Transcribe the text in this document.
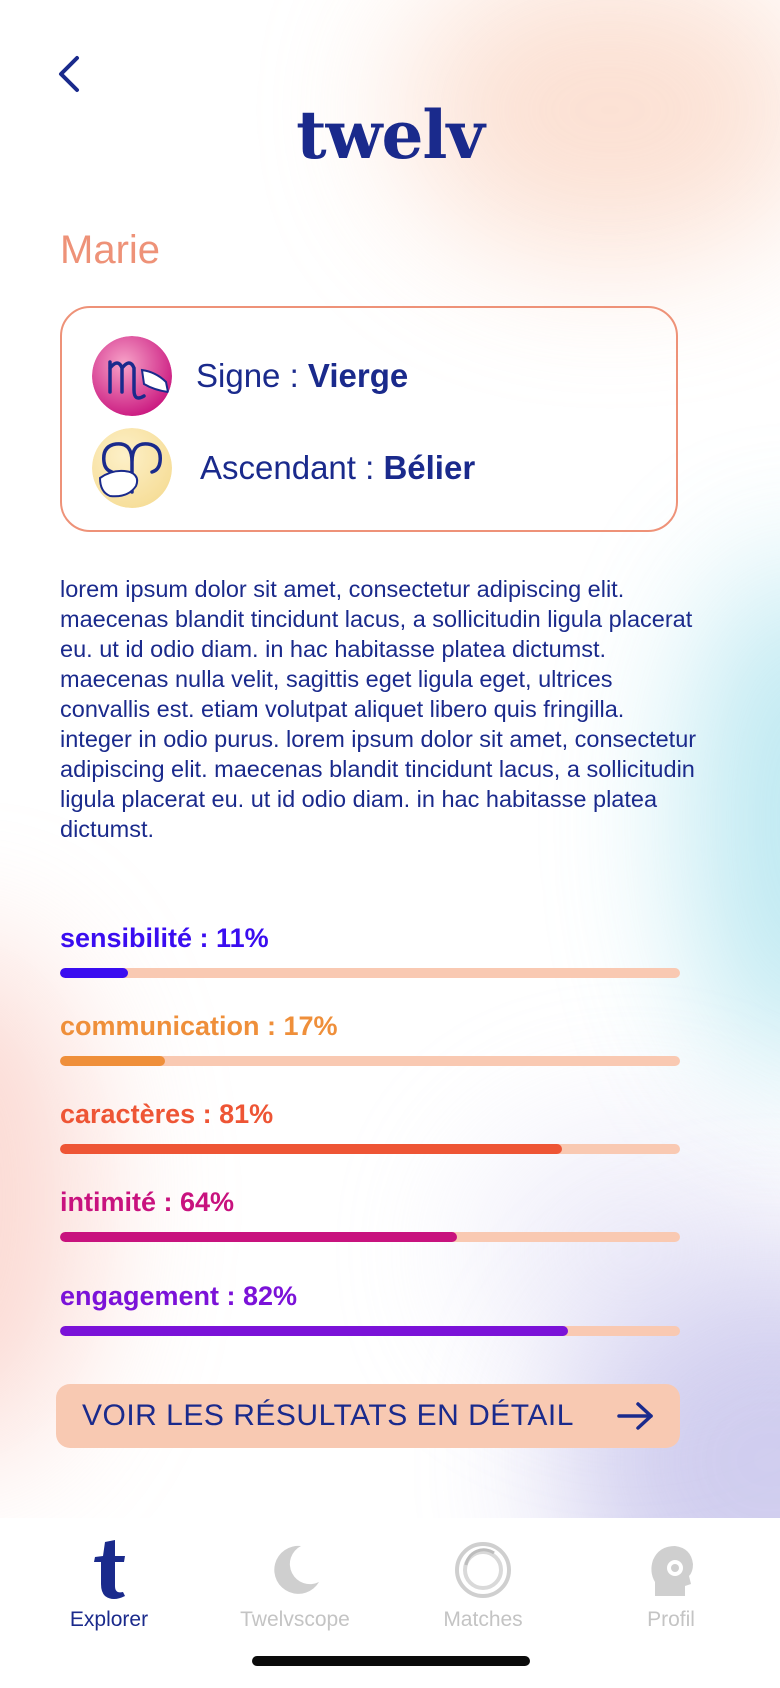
twelv
Marie
Signe : Vierge
Ascendant : Bélier

lorem ipsum dolor sit amet, consectetur adipiscing elit. maecenas blandit tincidunt lacus, a sollicitudin ligula placerat eu. ut id odio diam. in hac habitasse platea dictumst. maecenas nulla velit, sagittis eget ligula eget, ultrices convallis est. etiam volutpat aliquet libero quis fringilla. integer in odio purus. lorem ipsum dolor sit amet, consectetur adipiscing elit. maecenas blandit tincidunt lacus, a sollicitudin ligula placerat eu. ut id odio diam. in hac habitasse platea dictumst.

sensibilité : 11%
communication : 17%
caractères : 81%
intimité : 64%
engagement : 82%
VOIR LES RÉSULTATS EN DÉTAIL
Explorer	Twelvscope	Matches	Profil
